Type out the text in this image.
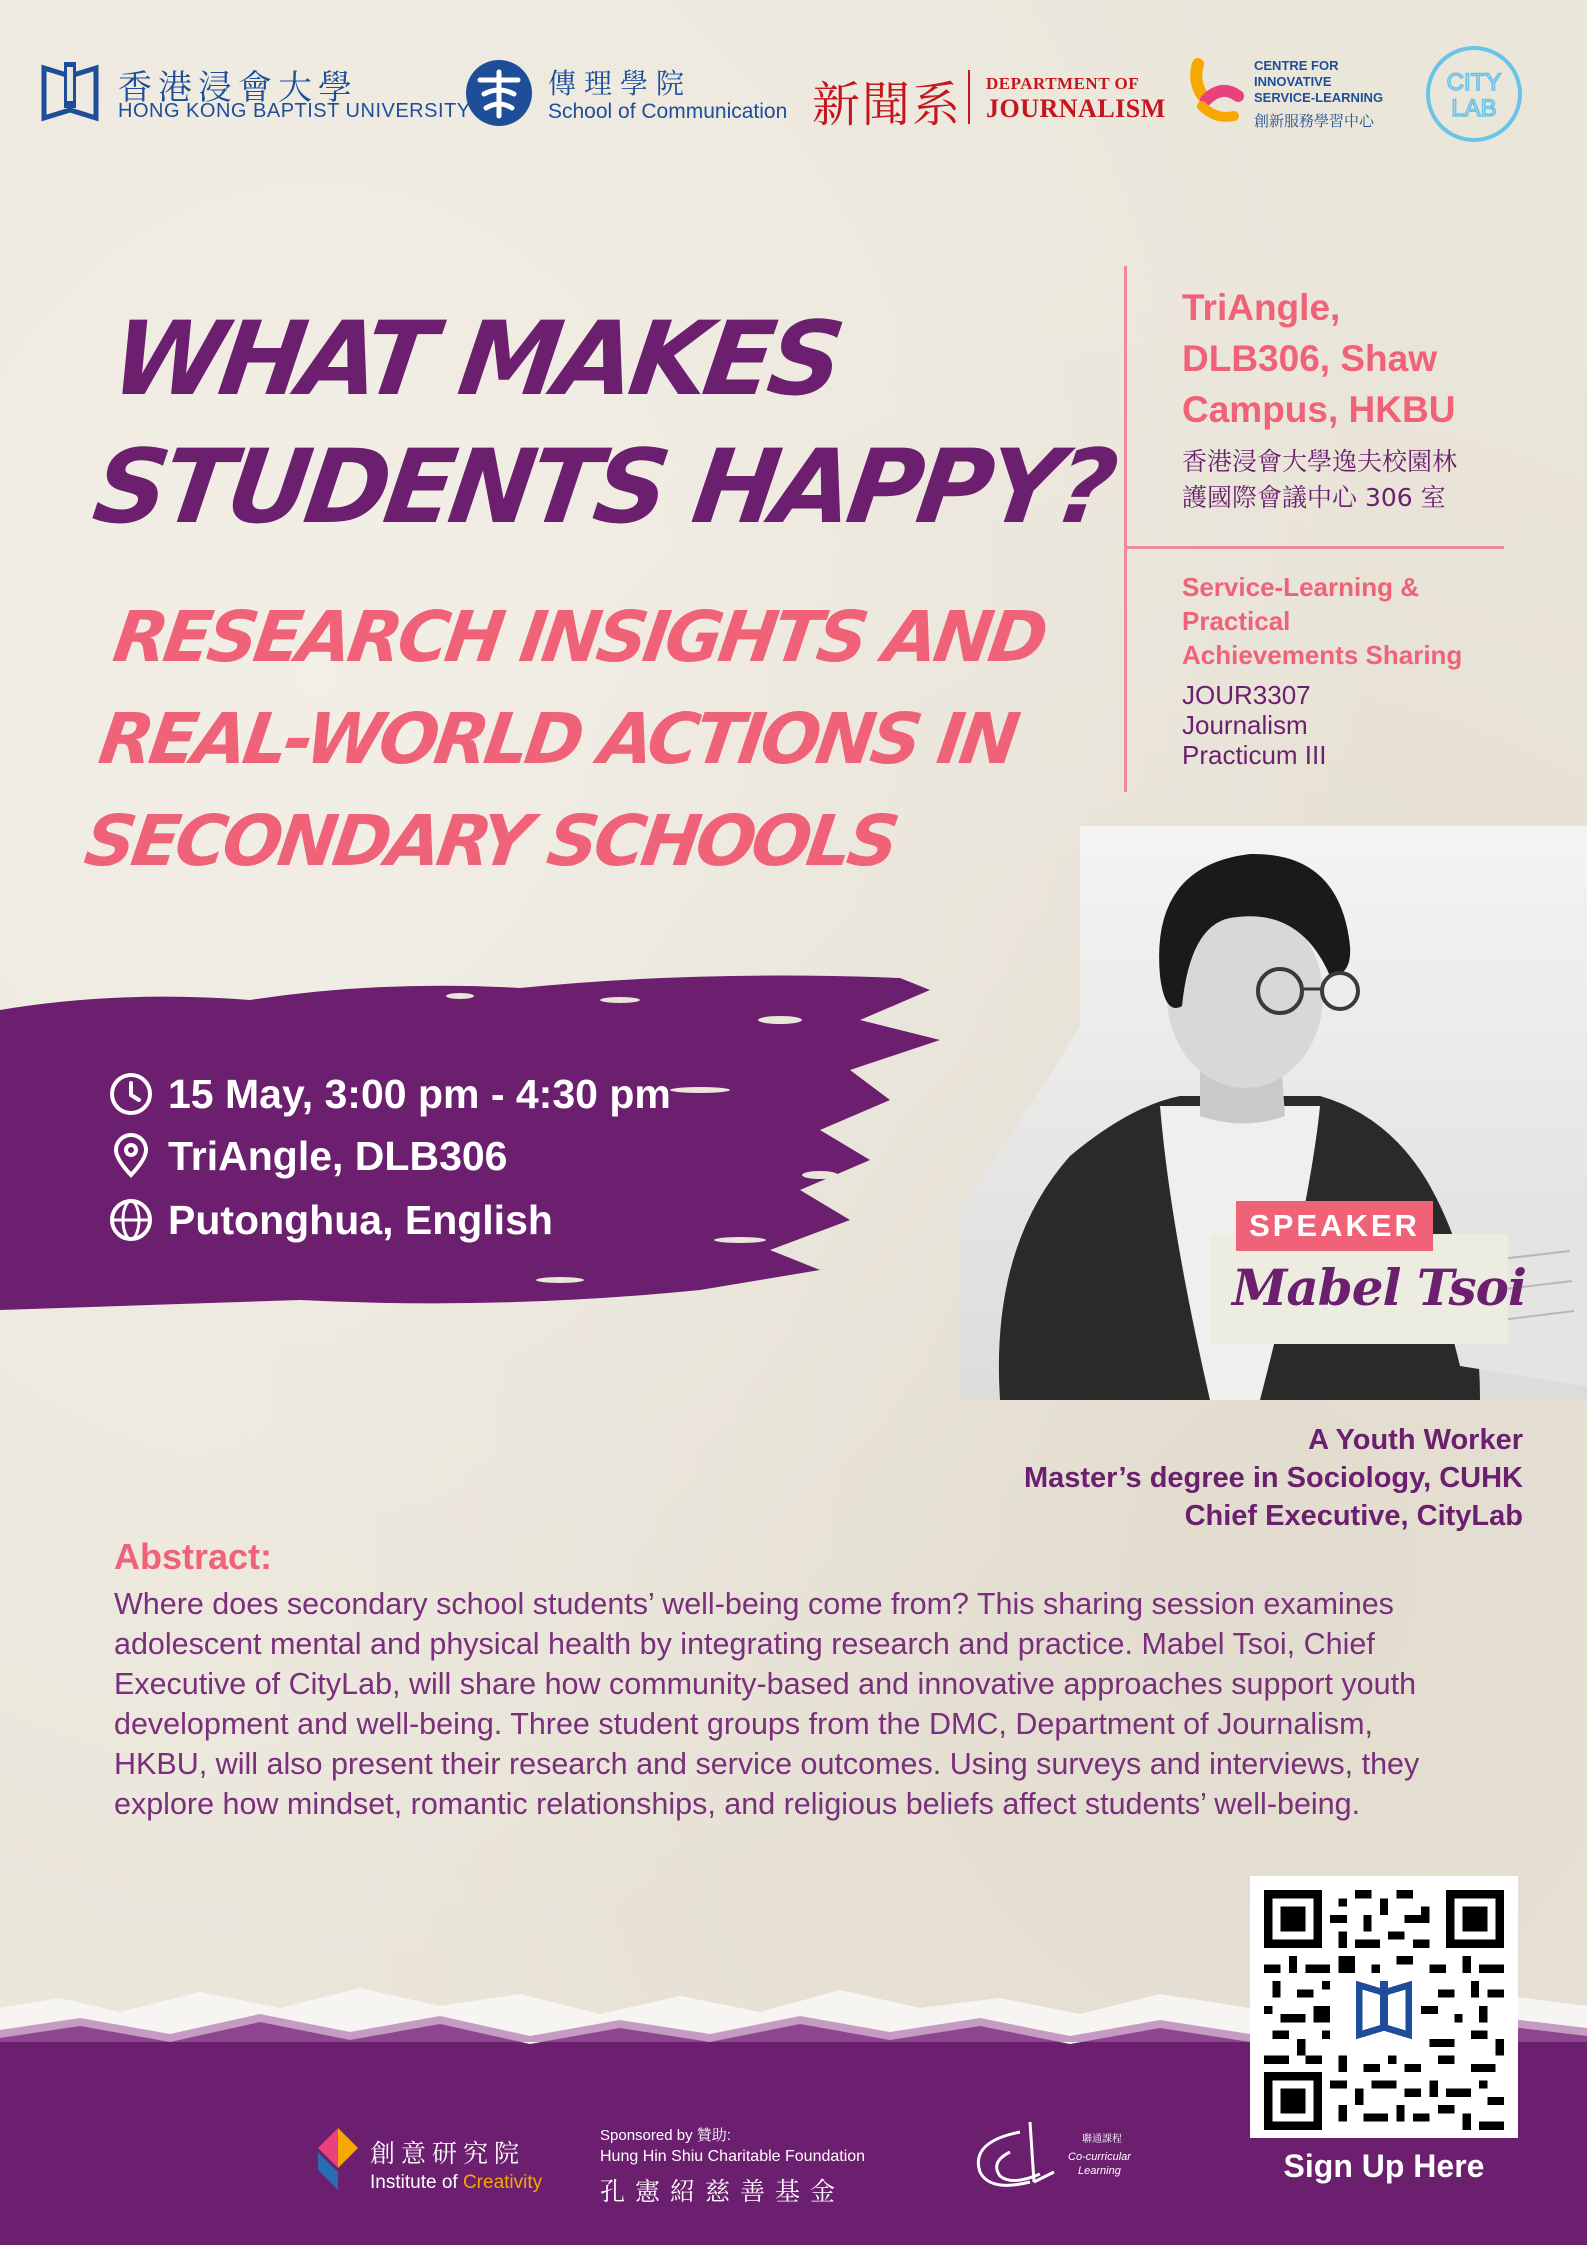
香港浸會大學
HONG KONG BAPTIST UNIVERSITY
傳理學院
School of Communication 新聞系 DEPARTMENT OF
JOURNALISM
CENTRE FOR
INNOVATIVE
SERVICE-LEARNING
創新服務學習中心
CITY
LAB
WHAT MAKES
STUDENTS HAPPY?
RESEARCH INSIGHTS AND
REAL-WORLD ACTIONS IN
SECONDARY SCHOOLS
TriAngle,
DLB306, Shaw
Campus, HKBU
香港浸會大學逸夫校園林
護國際會議中心 306 室
Service-Learning &
Practical
Achievements Sharing
JOUR3307
Journalism
Practicum III
SPEAKER
Mabel Tsoi
15 May, 3:00 pm - 4:30 pm
TriAngle, DLB306
Putonghua, English
A Youth Worker
Master’s degree in Sociology, CUHK
Chief Executive, CityLab
Abstract:
Where does secondary school students’ well-being come from? This sharing session examines adolescent mental and physical health by integrating research and practice. Mabel Tsoi, Chief Executive of CityLab, will share how community-based and innovative approaches support youth development and well-being. Three student groups from the DMC, Department of Journalism, HKBU, will also present their research and service outcomes. Using surveys and interviews, they explore how mindset, romantic relationships, and religious beliefs affect students’ well-being.
創意研究院
Institute of Creativity
Sponsored by 贊助:
Hung Hin Shiu Charitable Foundation
孔憲紹慈善基金
聯通課程
Co-curricular
Learning	Sign Up Here
